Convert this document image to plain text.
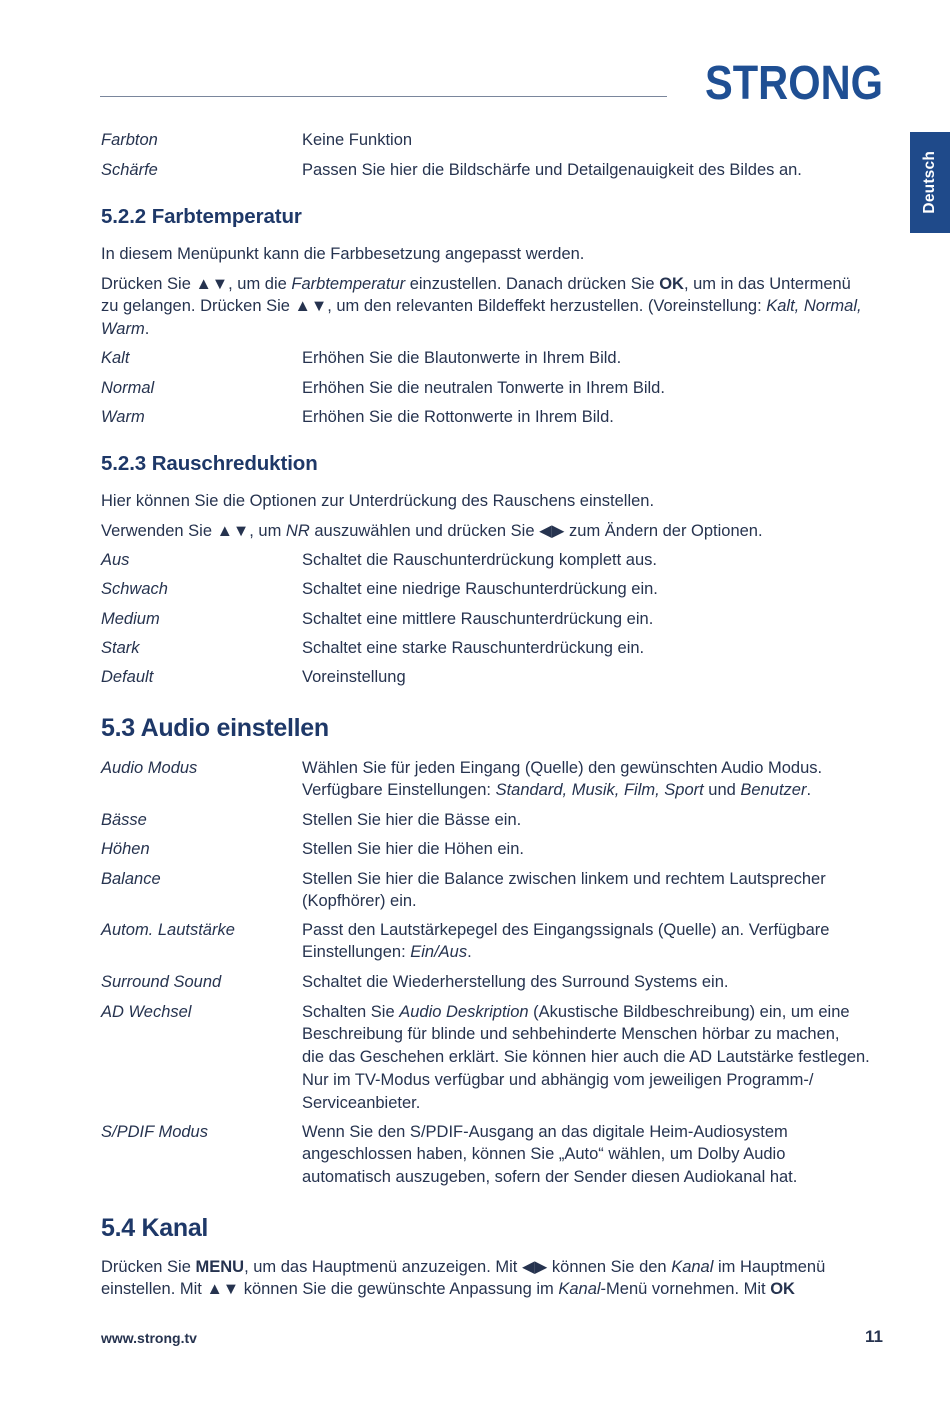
STRONG
Deutsch
Farbton	Keine Funktion
Schärfe	Passen Sie hier die Bildschärfe und Detailgenauigkeit des Bildes an.
5.2.2 Farbtemperatur
In diesem Menüpunkt kann die Farbbesetzung angepasst werden.
Drücken Sie ▲▼, um die Farbtemperatur einzustellen. Danach drücken Sie OK, um in das Untermenü
zu gelangen. Drücken Sie ▲▼, um den relevanten Bildeffekt herzustellen. (Voreinstellung: Kalt, Normal,
Warm.
Kalt	Erhöhen Sie die Blautonwerte in Ihrem Bild.
Normal	Erhöhen Sie die neutralen Tonwerte in Ihrem Bild.
Warm	Erhöhen Sie die Rottonwerte in Ihrem Bild.
5.2.3 Rauschreduktion
Hier können Sie die Optionen zur Unterdrückung des Rauschens einstellen.
Verwenden Sie ▲▼, um NR auszuwählen und drücken Sie ◀▶ zum Ändern der Optionen.
Aus	Schaltet die Rauschunterdrückung komplett aus.
Schwach	Schaltet eine niedrige Rauschunterdrückung ein.
Medium	Schaltet eine mittlere Rauschunterdrückung ein.
Stark	Schaltet eine starke Rauschunterdrückung ein.
Default	Voreinstellung
5.3 Audio einstellen
Audio Modus	Wählen Sie für jeden Eingang (Quelle) den gewünschten Audio Modus.
Verfügbare Einstellungen: Standard, Musik, Film, Sport und Benutzer.
Bässe	Stellen Sie hier die Bässe ein.
Höhen	Stellen Sie hier die Höhen ein.
Balance	Stellen Sie hier die Balance zwischen linkem und rechtem Lautsprecher
(Kopfhörer) ein.
Autom. Lautstärke	Passt den Lautstärkepegel des Eingangssignals (Quelle) an. Verfügbare
Einstellungen: Ein/Aus.
Surround Sound	Schaltet die Wiederherstellung des Surround Systems ein.
AD Wechsel	Schalten Sie Audio Deskription (Akustische Bildbeschreibung) ein, um eine
Beschreibung für blinde und sehbehinderte Menschen hörbar zu machen,
die das Geschehen erklärt. Sie können hier auch die AD Lautstärke festlegen.
Nur im TV-Modus verfügbar und abhängig vom jeweiligen Programm-/
Serviceanbieter.
S/PDIF Modus	Wenn Sie den S/PDIF-Ausgang an das digitale Heim-Audiosystem
angeschlossen haben, können Sie „Auto“ wählen, um Dolby Audio
automatisch auszugeben, sofern der Sender diesen Audiokanal hat.
5.4 Kanal
Drücken Sie MENU, um das Hauptmenü anzuzeigen. Mit ◀▶ können Sie den Kanal im Hauptmenü
einstellen. Mit ▲▼ können Sie die gewünschte Anpassung im Kanal-Menü vornehmen. Mit OK
www.strong.tv	11
